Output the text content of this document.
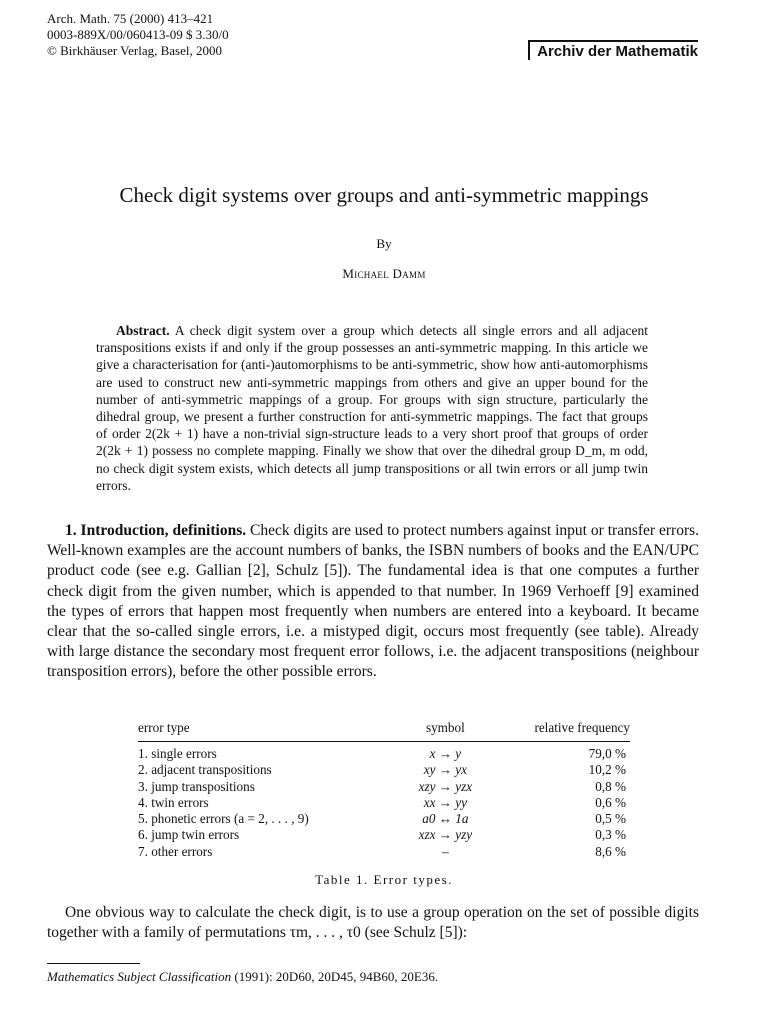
Arch. Math. 75 (2000) 413–421
0003-889X/00/060413-09 $ 3.30/0
© Birkhäuser Verlag, Basel, 2000	Archiv der Mathematik
Check digit systems over groups and anti-symmetric mappings
By
Michael Damm
Abstract. A check digit system over a group which detects all single errors and all adjacent transpositions exists if and only if the group possesses an anti-symmetric mapping. In this article we give a characterisation for (anti-)automorphisms to be anti-symmetric, show how anti-automorphisms are used to construct new anti-symmetric mappings from others and give an upper bound for the number of anti-symmetric mappings of a group. For groups with sign structure, particularly the dihedral group, we present a further construction for anti-symmetric mappings. The fact that groups of order 2(2k + 1) have a non-trivial sign-structure leads to a very short proof that groups of order 2(2k + 1) possess no complete mapping. Finally we show that over the dihedral group D_m, m odd, no check digit system exists, which detects all jump transpositions or all twin errors or all jump twin errors.
1. Introduction, definitions. Check digits are used to protect numbers against input or transfer errors. Well-known examples are the account numbers of banks, the ISBN numbers of books and the EAN/UPC product code (see e.g. Gallian [2], Schulz [5]). The fundamental idea is that one computes a further check digit from the given number, which is appended to that number. In 1969 Verhoeff [9] examined the types of errors that happen most frequently when numbers are entered into a keyboard. It became clear that the so-called single errors, i.e. a mistyped digit, occurs most frequently (see table). Already with large distance the secondary most frequent error follows, i.e. the adjacent transpositions (neighbour transposition errors), before the other possible errors.
error type	symbol	relative frequency
1. single errors	x → y	79,0 %
2. adjacent transpositions	xy → yx	10,2 %
3. jump transpositions	xzy → yzx	0,8 %
4. twin errors	xx → yy	0,6 %
5. phonetic errors (a = 2, . . . , 9)	a0 ↔ 1a	0,5 %
6. jump twin errors	xzx → yzy	0,3 %
7. other errors	–	8,6 %
Table 1. Error types.
One obvious way to calculate the check digit, is to use a group operation on the set of possible digits together with a family of permutations τm, . . . , τ0 (see Schulz [5]):
Mathematics Subject Classification (1991): 20D60, 20D45, 94B60, 20E36.
